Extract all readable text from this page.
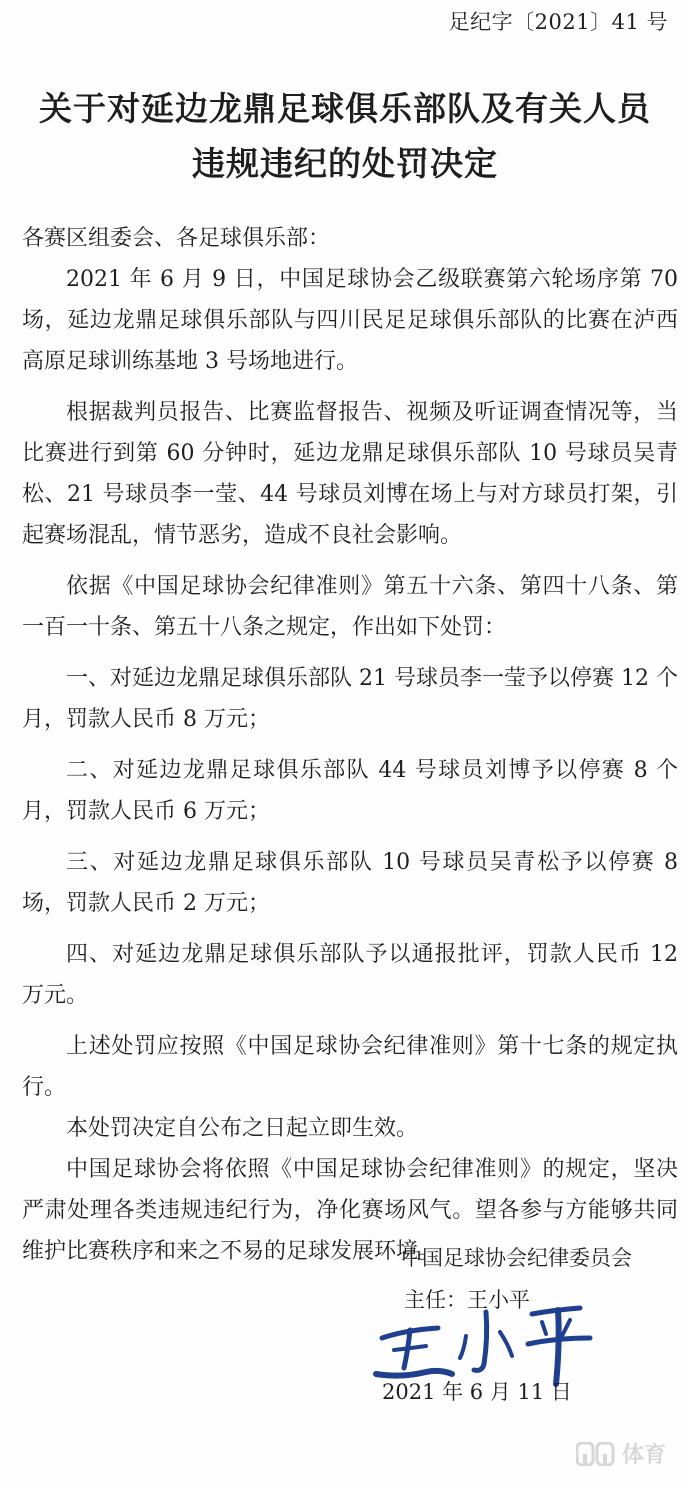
足纪字〔2021〕41 号
关于对延边龙鼎足球俱乐部队及有关人员
违规违纪的处罚决定

各赛区组委会、各足球俱乐部：

2021 年 6 月 9 日，中国足球协会乙级联赛第六轮场序第 70 场，延边龙鼎足球俱乐部队与四川民足足球俱乐部队的比赛在泸西高原足球训练基地 3 号场地进行。

根据裁判员报告、比赛监督报告、视频及听证调查情况等，当比赛进行到第 60 分钟时，延边龙鼎足球俱乐部队 10 号球员吴青松、21 号球员李一莹、44 号球员刘博在场上与对方球员打架，引起赛场混乱，情节恶劣，造成不良社会影响。

依据《中国足球协会纪律准则》第五十六条、第四十八条、第一百一十条、第五十八条之规定，作出如下处罚：

一、对延边龙鼎足球俱乐部队 21 号球员李一莹予以停赛 12 个月，罚款人民币 8 万元；

二、对延边龙鼎足球俱乐部队 44 号球员刘博予以停赛 8 个月，罚款人民币 6 万元；

三、对延边龙鼎足球俱乐部队 10 号球员吴青松予以停赛 8 场，罚款人民币 2 万元；

四、对延边龙鼎足球俱乐部队予以通报批评，罚款人民币 12 万元。

上述处罚应按照《中国足球协会纪律准则》第十七条的规定执行。

本处罚决定自公布之日起立即生效。

中国足球协会将依照《中国足球协会纪律准则》的规定，坚决严肃处理各类违规违纪行为，净化赛场风气。望各参与方能够共同维护比赛秩序和来之不易的足球发展环境。

中国足球协会纪律委员会
主任：王小平
2021 年 6 月 11 日
体育
